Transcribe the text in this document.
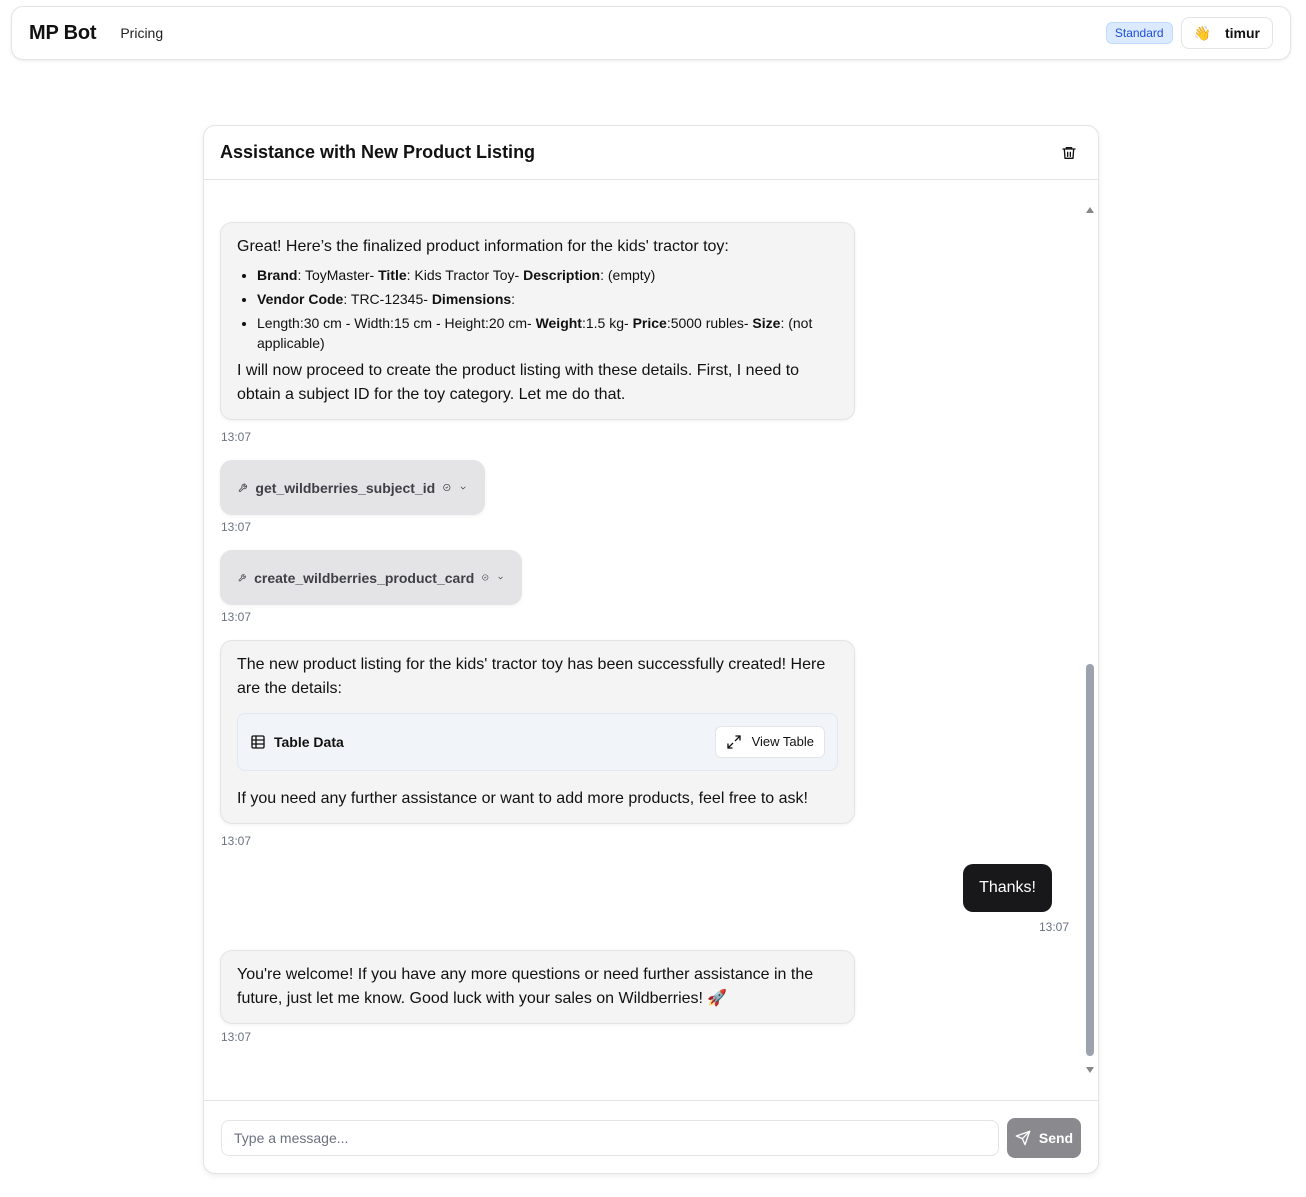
MP Bot Pricing	Standard	👋 timur
Assistance with New Product Listing
Great! Here’s the finalized product information for the kids' tractor toy:
• Brand: ToyMaster- Title: Kids Tractor Toy- Description: (empty)
• Vendor Code: TRC-12345- Dimensions:
• Length:30 cm - Width:15 cm - Height:20 cm- Weight:1.5 kg- Price:5000 rubles- Size: (not applicable)
I will now proceed to create the product listing with these details. First, I need to obtain a subject ID for the toy category. Let me do that.
13:07
get_wildberries_subject_id
13:07
create_wildberries_product_card
13:07
The new product listing for the kids' tractor toy has been successfully created! Here are the details:
Table Data	View Table
If you need any further assistance or want to add more products, feel free to ask!
13:07
Thanks!
13:07
You're welcome! If you have any more questions or need further assistance in the future, just let me know. Good luck with your sales on Wildberries! 🚀
13:07
Type a message...
Send
